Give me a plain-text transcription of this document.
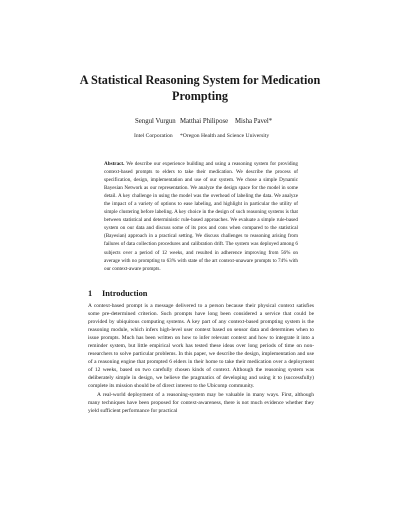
A Statistical Reasoning System for Medication Prompting
Sengul Vurgun Matthai Philipose Misha Pavel*
Intel Corporation *Oregon Health and Science University

Abstract. We describe our experience building and using a reasoning system for providing context-based prompts to elders to take their medication. We describe the process of specification, design, implementation and use of our system. We chose a simple Dynamic Bayesian Network as our representation. We analyze the design space for the model in some detail. A key challenge in using the model was the overhead of labeling the data. We analyze the impact of a variety of options to ease labeling, and highlight in particular the utility of simple clustering before labeling. A key choice in the design of such reasoning systems is that between statistical and deterministic rule-based approaches. We evaluate a simple rule-based system on our data and discuss some of its pros and cons when compared to the statistical (Bayesian) approach in a practical setting. We discuss challenges to reasoning arising from failures of data collection procedures and calibration drift. The system was deployed among 6 subjects over a period of 12 weeks, and resulted in adherence improving from 56% on average with no prompting to 63% with state of the art context-unaware prompts to 74% with our context-aware prompts.

1 Introduction

A context-based prompt is a message delivered to a person because their physical context satisfies some pre-determined criterion. Such prompts have long been considered a service that could be provided by ubiquitous computing systems. A key part of any context-based prompting system is the reasoning module, which infers high-level user context based on sensor data and determines when to issue prompts. Much has been written on how to infer relevant context and how to integrate it into a reminder system, but little empirical work has tested these ideas over long periods of time on non-researchers to solve particular problems. In this paper, we describe the design, implementation and use of a reasoning engine that prompted 6 elders in their home to take their medication over a deployment of 12 weeks, based on two carefully chosen kinds of context. Although the reasoning system was deliberately simple in design, we believe the pragmatics of developing and using it to (successfully) complete its mission should be of direct interest to the Ubicomp community.

A real-world deployment of a reasoning-system may be valuable in many ways. First, although many techniques have been proposed for context-awareness, there is not much evidence whether they yield sufficient performance for practical
